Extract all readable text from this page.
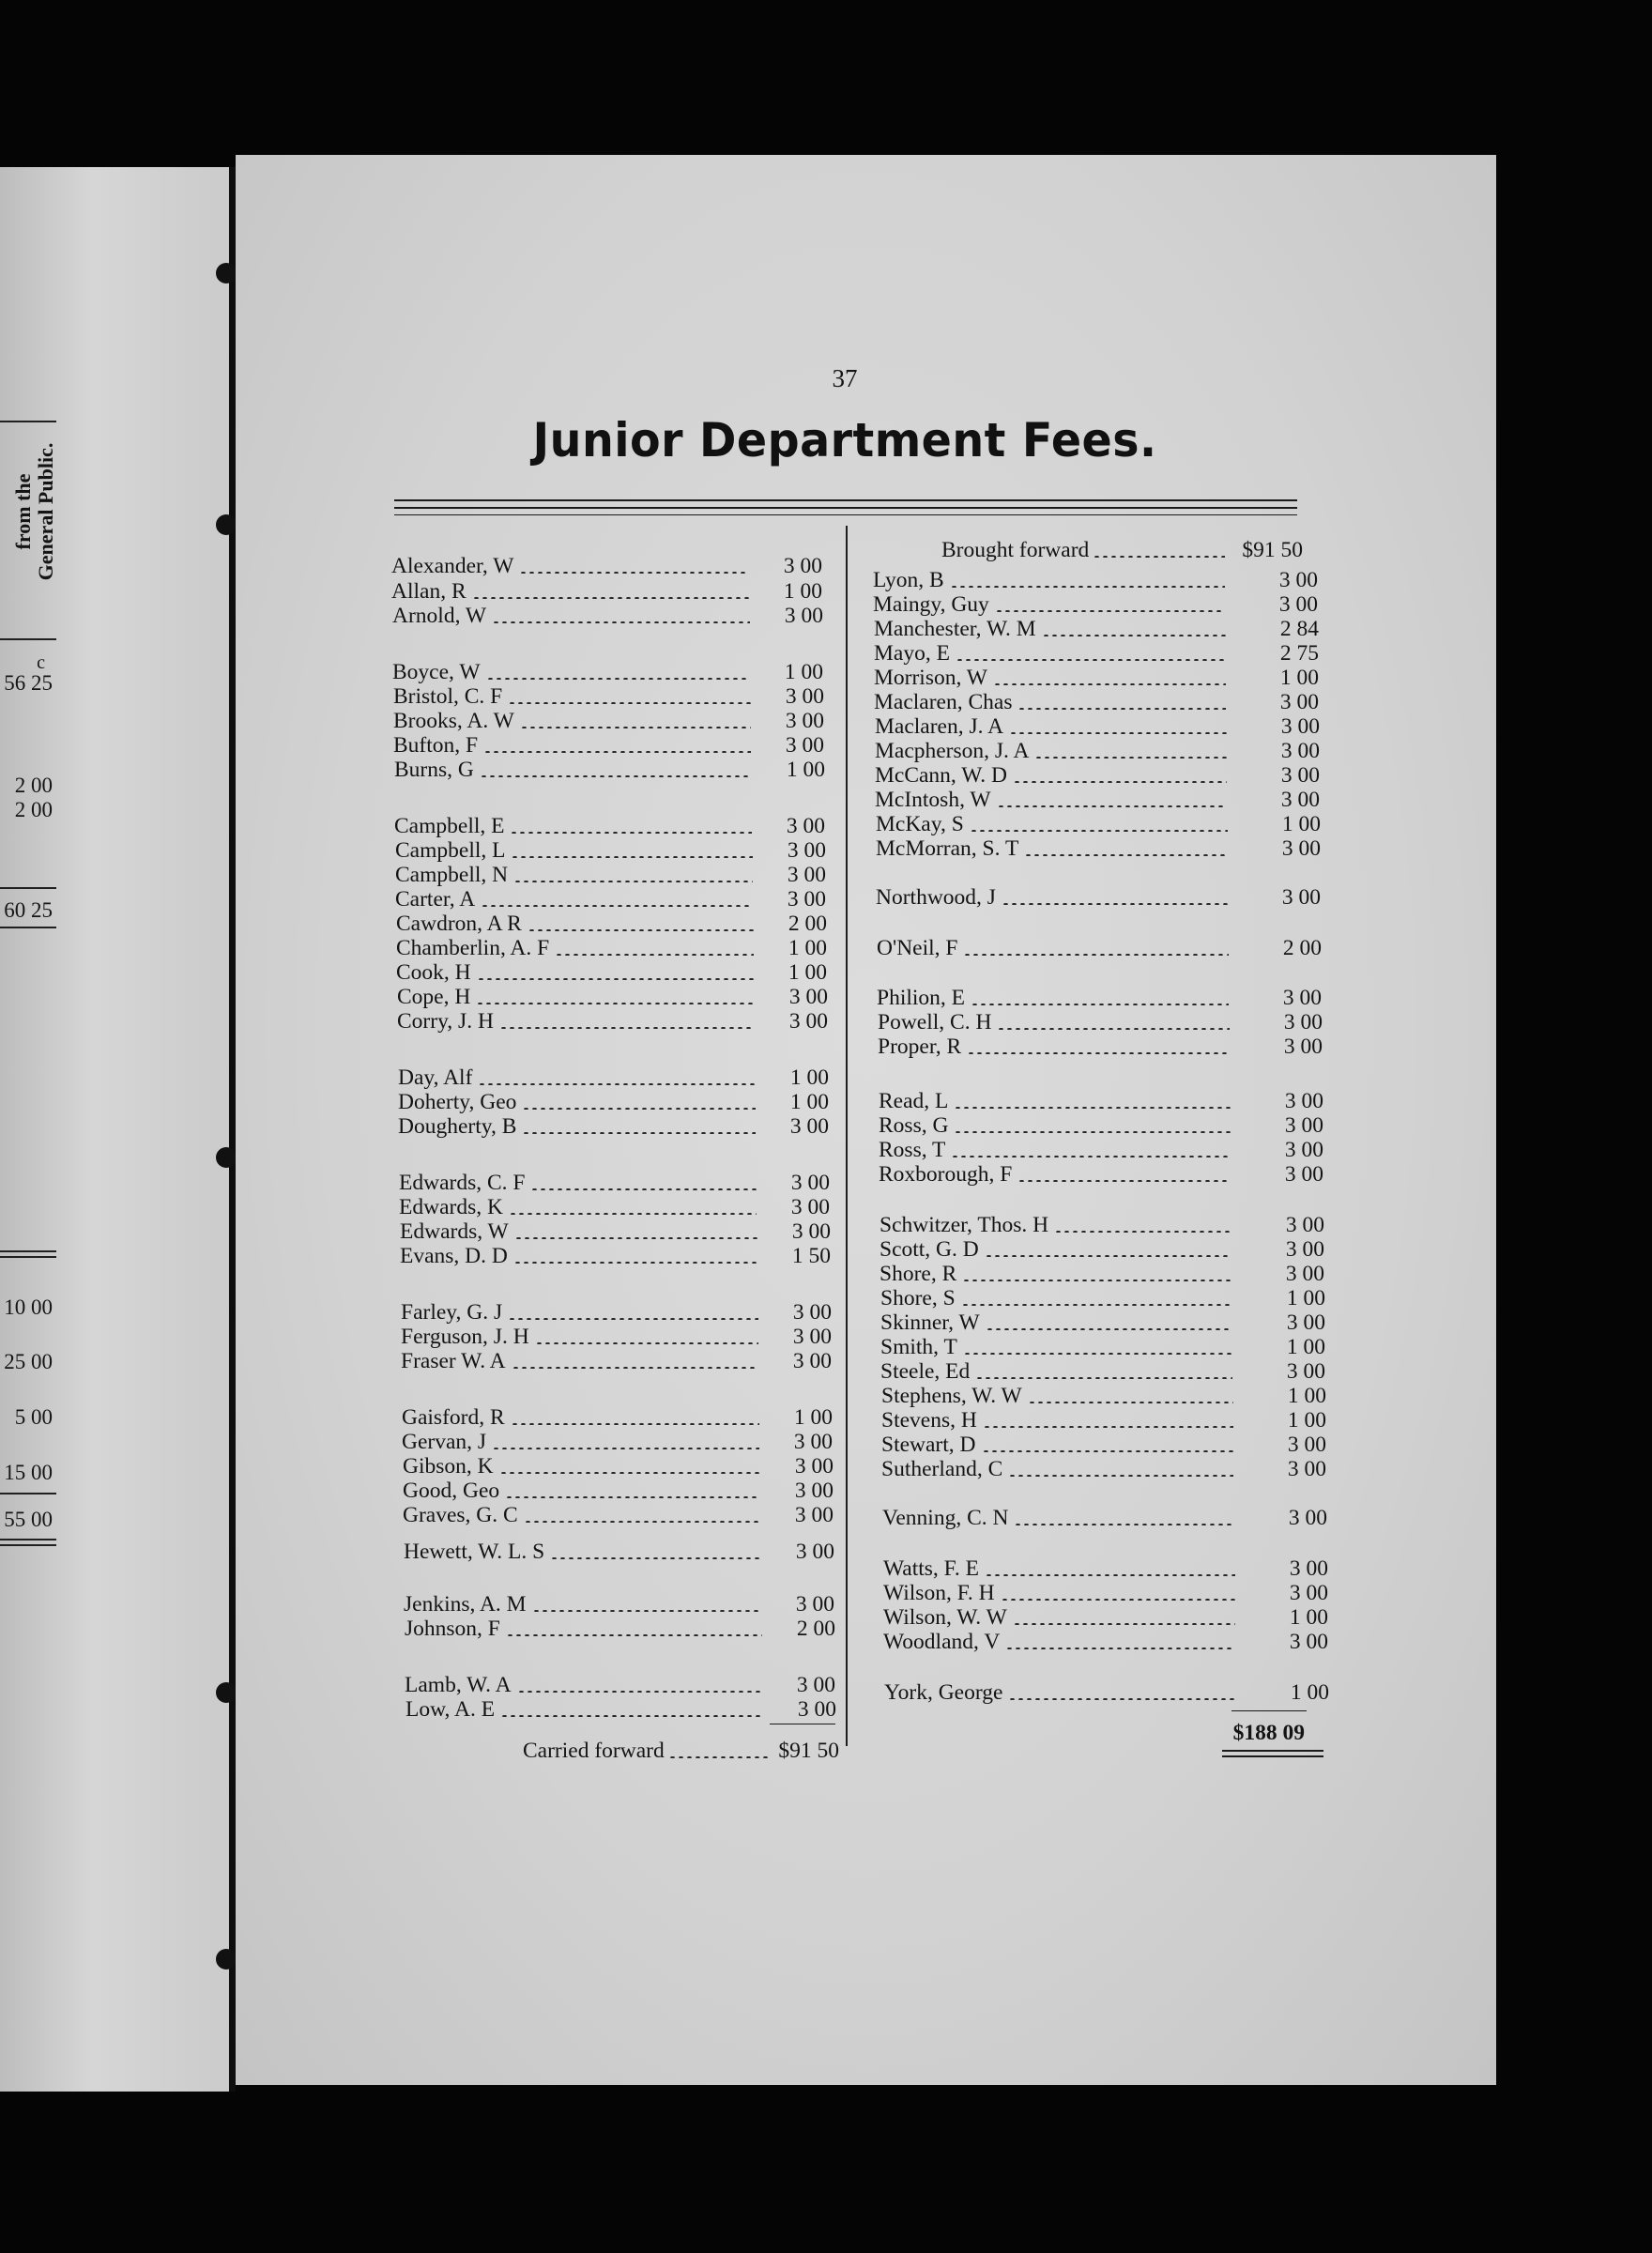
from the General Public.
c
56 25
2 00
2 00
60 25
10 00
25 00
5 00
15 00
55 00
37
Junior Department Fees.
Alexander, W	3 00
Allan, R	1 00
Arnold, W	3 00
Boyce, W	1 00
Bristol, C. F	3 00
Brooks, A. W	3 00
Bufton, F	3 00
Burns, G	1 00
Campbell, E	3 00
Campbell, L	3 00
Campbell, N	3 00
Carter, A	3 00
Cawdron, A R	2 00
Chamberlin, A. F	1 00
Cook, H	1 00
Cope, H	3 00
Corry, J. H	3 00
Day, Alf	1 00
Doherty, Geo	1 00
Dougherty, B	3 00
Edwards, C. F	3 00
Edwards, K	3 00
Edwards, W	3 00
Evans, D. D	1 50
Farley, G. J	3 00
Ferguson, J. H	3 00
Fraser W. A	3 00
Gaisford, R	1 00
Gervan, J	3 00
Gibson, K	3 00
Good, Geo	3 00
Graves, G. C	3 00
Hewett, W. L. S	3 00
Jenkins, A. M	3 00
Johnson, F	2 00
Lamb, W. A	3 00
Low, A. E	3 00
Lyon, B	3 00
Maingy, Guy	3 00
Manchester, W. M	2 84
Mayo, E	2 75
Morrison, W	1 00
Maclaren, Chas	3 00
Maclaren, J. A	3 00
Macpherson, J. A	3 00
McCann, W. D	3 00
McIntosh, W	3 00
McKay, S	1 00
McMorran, S. T	3 00
Northwood, J	3 00
O'Neil, F	2 00
Philion, E	3 00
Powell, C. H	3 00
Proper, R	3 00
Read, L	3 00
Ross, G	3 00
Ross, T	3 00
Roxborough, F	3 00
Schwitzer, Thos. H	3 00
Scott, G. D	3 00
Shore, R	3 00
Shore, S	1 00
Skinner, W	3 00
Smith, T	1 00
Steele, Ed	3 00
Stephens, W. W	1 00
Stevens, H	1 00
Stewart, D	3 00
Sutherland, C	3 00
Venning, C. N	3 00
Watts, F. E	3 00
Wilson, F. H	3 00
Wilson, W. W	1 00
Woodland, V	3 00
York, George	1 00
Brought forward	$91 50
Carried forward	$91 50
$188 09
